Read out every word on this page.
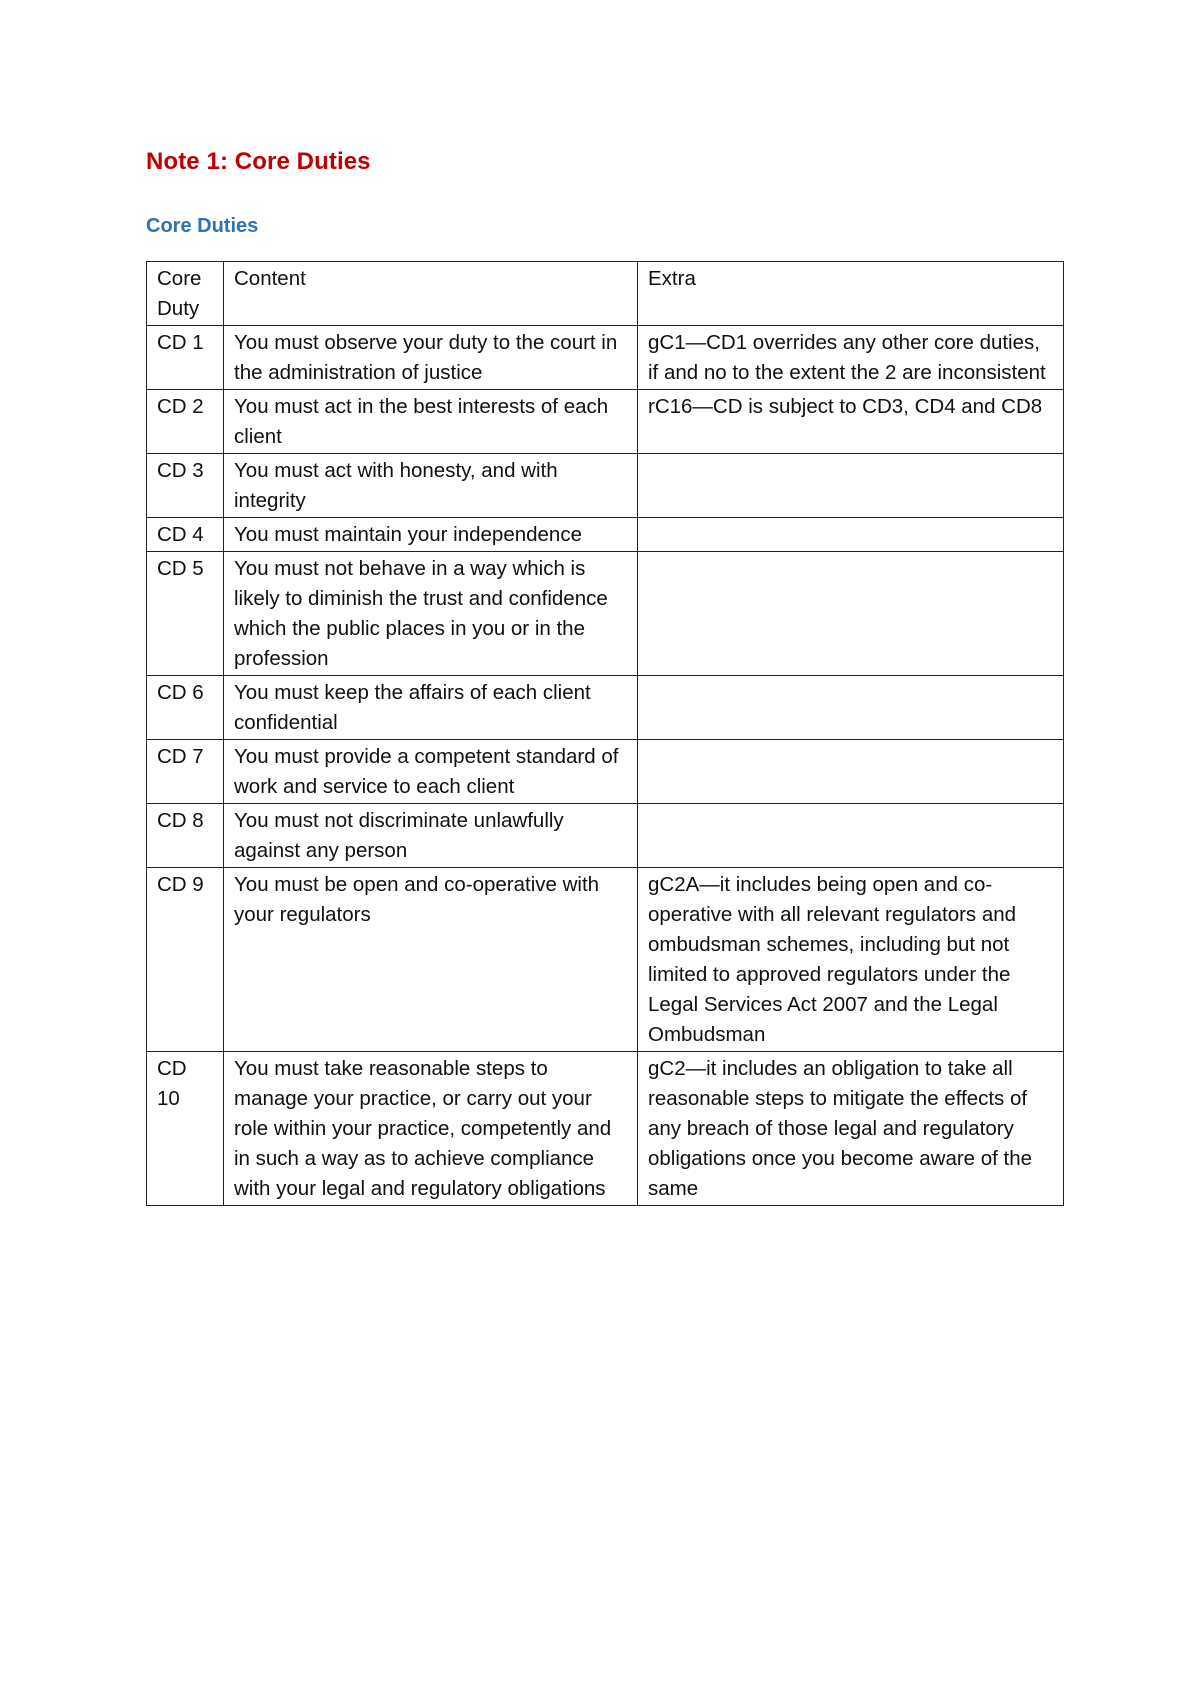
Note 1: Core Duties
Core Duties
Core Duty	Content	Extra
CD 1	You must observe your duty to the court in the administration of justice	gC1—CD1 overrides any other core duties, if and no to the extent the 2 are inconsistent
CD 2	You must act in the best interests of each client	rC16—CD is subject to CD3, CD4 and CD8
CD 3	You must act with honesty, and with integrity	
CD 4	You must maintain your independence	
CD 5	You must not behave in a way which is likely to diminish the trust and confidence which the public places in you or in the profession	
CD 6	You must keep the affairs of each client confidential	
CD 7	You must provide a competent standard of work and service to each client	
CD 8	You must not discriminate unlawfully against any person	
CD 9	You must be open and co-operative with your regulators	gC2A—it includes being open and co-operative with all relevant regulators and ombudsman schemes, including but not limited to approved regulators under the Legal Services Act 2007 and the Legal Ombudsman
CD 10	You must take reasonable steps to manage your practice, or carry out your role within your practice, competently and in such a way as to achieve compliance with your legal and regulatory obligations	gC2—it includes an obligation to take all reasonable steps to mitigate the effects of any breach of those legal and regulatory obligations once you become aware of the same
